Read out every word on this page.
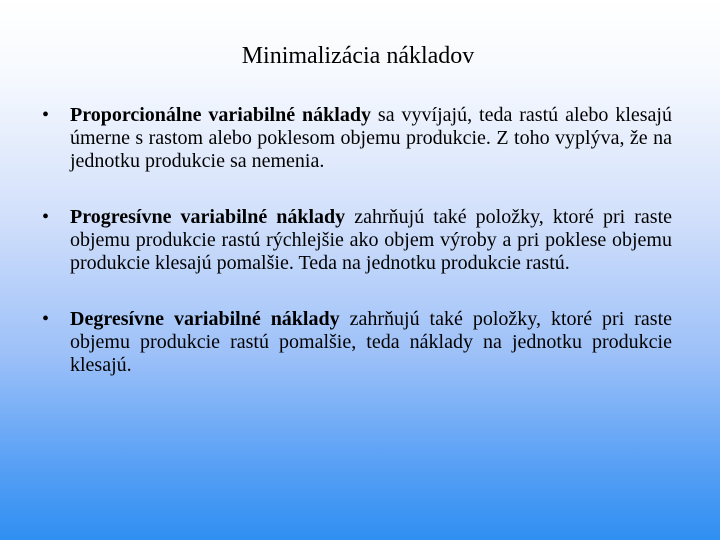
Minimalizácia nákladov
• Proporcionálne variabilné náklady sa vyvíjajú, teda rastú alebo klesajú úmerne s rastom alebo poklesom objemu produkcie. Z toho vyplýva, že na jednotku produkcie sa nemenia.
• Progresívne variabilné náklady zahrňujú také položky, ktoré pri raste objemu produkcie rastú rýchlejšie ako objem výroby a pri poklese objemu produkcie klesajú pomalšie. Teda na jednotku produkcie rastú.
• Degresívne variabilné náklady zahrňujú také položky, ktoré pri raste objemu produkcie rastú pomalšie, teda náklady na jednotku produkcie klesajú.
